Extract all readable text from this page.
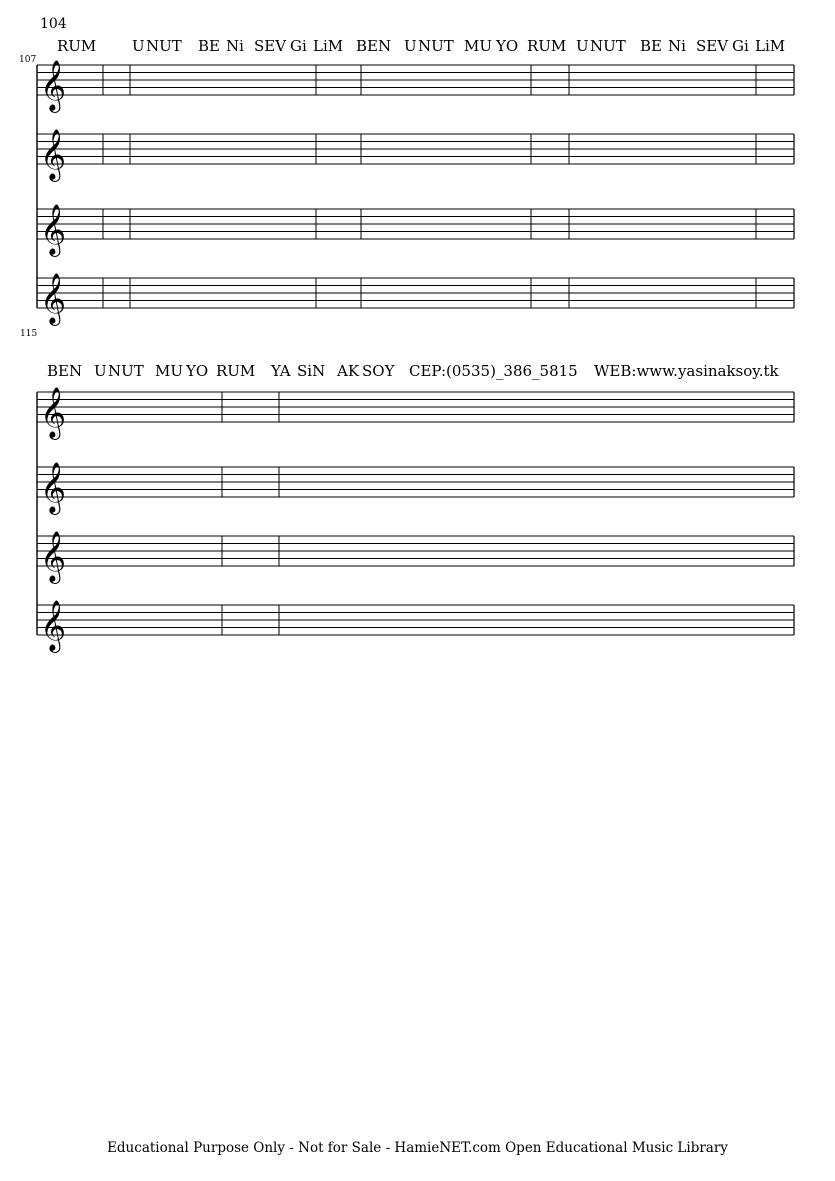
104
107
115
RUM U NUT BE Ni SEV Gi LiM BEN U NUT MU YO RUM U NUT BE Ni SEV Gi LiM
BEN U NUT MU YO RUM YA SiN AK SOY CEP:(0535)_386_5815 WEB:www.yasinaksoy.tk
𝄞
𝄞
𝄞
𝄞
𝄞
𝄞
𝄞
𝄞
Educational Purpose Only - Not for Sale - HamieNET.com Open Educational Music Library
